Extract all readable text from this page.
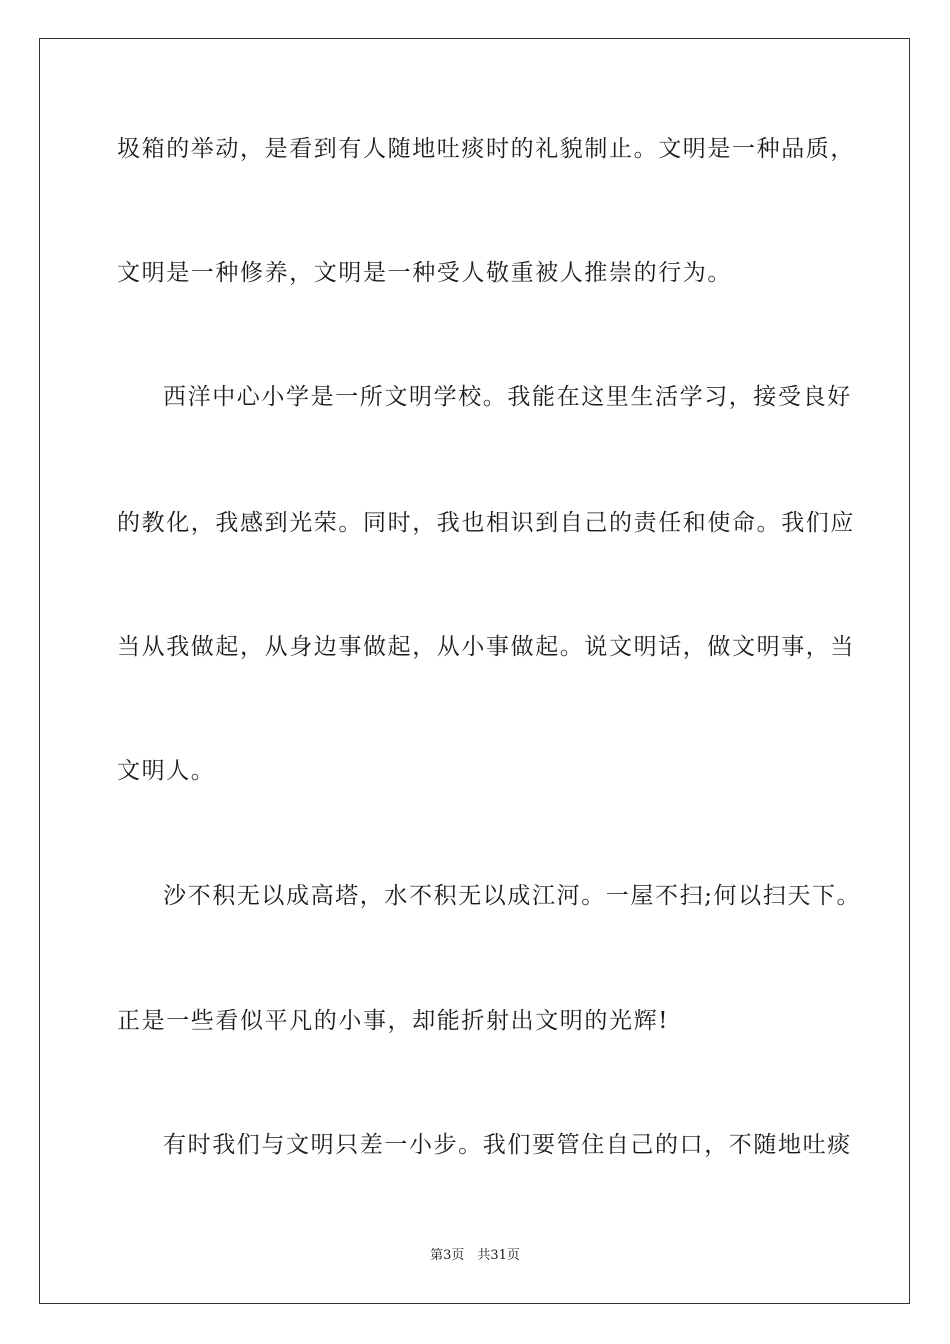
圾箱的举动，是看到有人随地吐痰时的礼貌制止。文明是一种品质，
文明是一种修养，文明是一种受人敬重被人推崇的行为。
西洋中心小学是一所文明学校。我能在这里生活学习，接受良好
的教化，我感到光荣。同时，我也相识到自己的责任和使命。我们应
当从我做起，从身边事做起，从小事做起。说文明话，做文明事，当
文明人。
沙不积无以成高塔，水不积无以成江河。一屋不扫;何以扫天下。
正是一些看似平凡的小事，却能折射出文明的光辉!
有时我们与文明只差一小步。我们要管住自己的口，不随地吐痰
第3页　共31页
